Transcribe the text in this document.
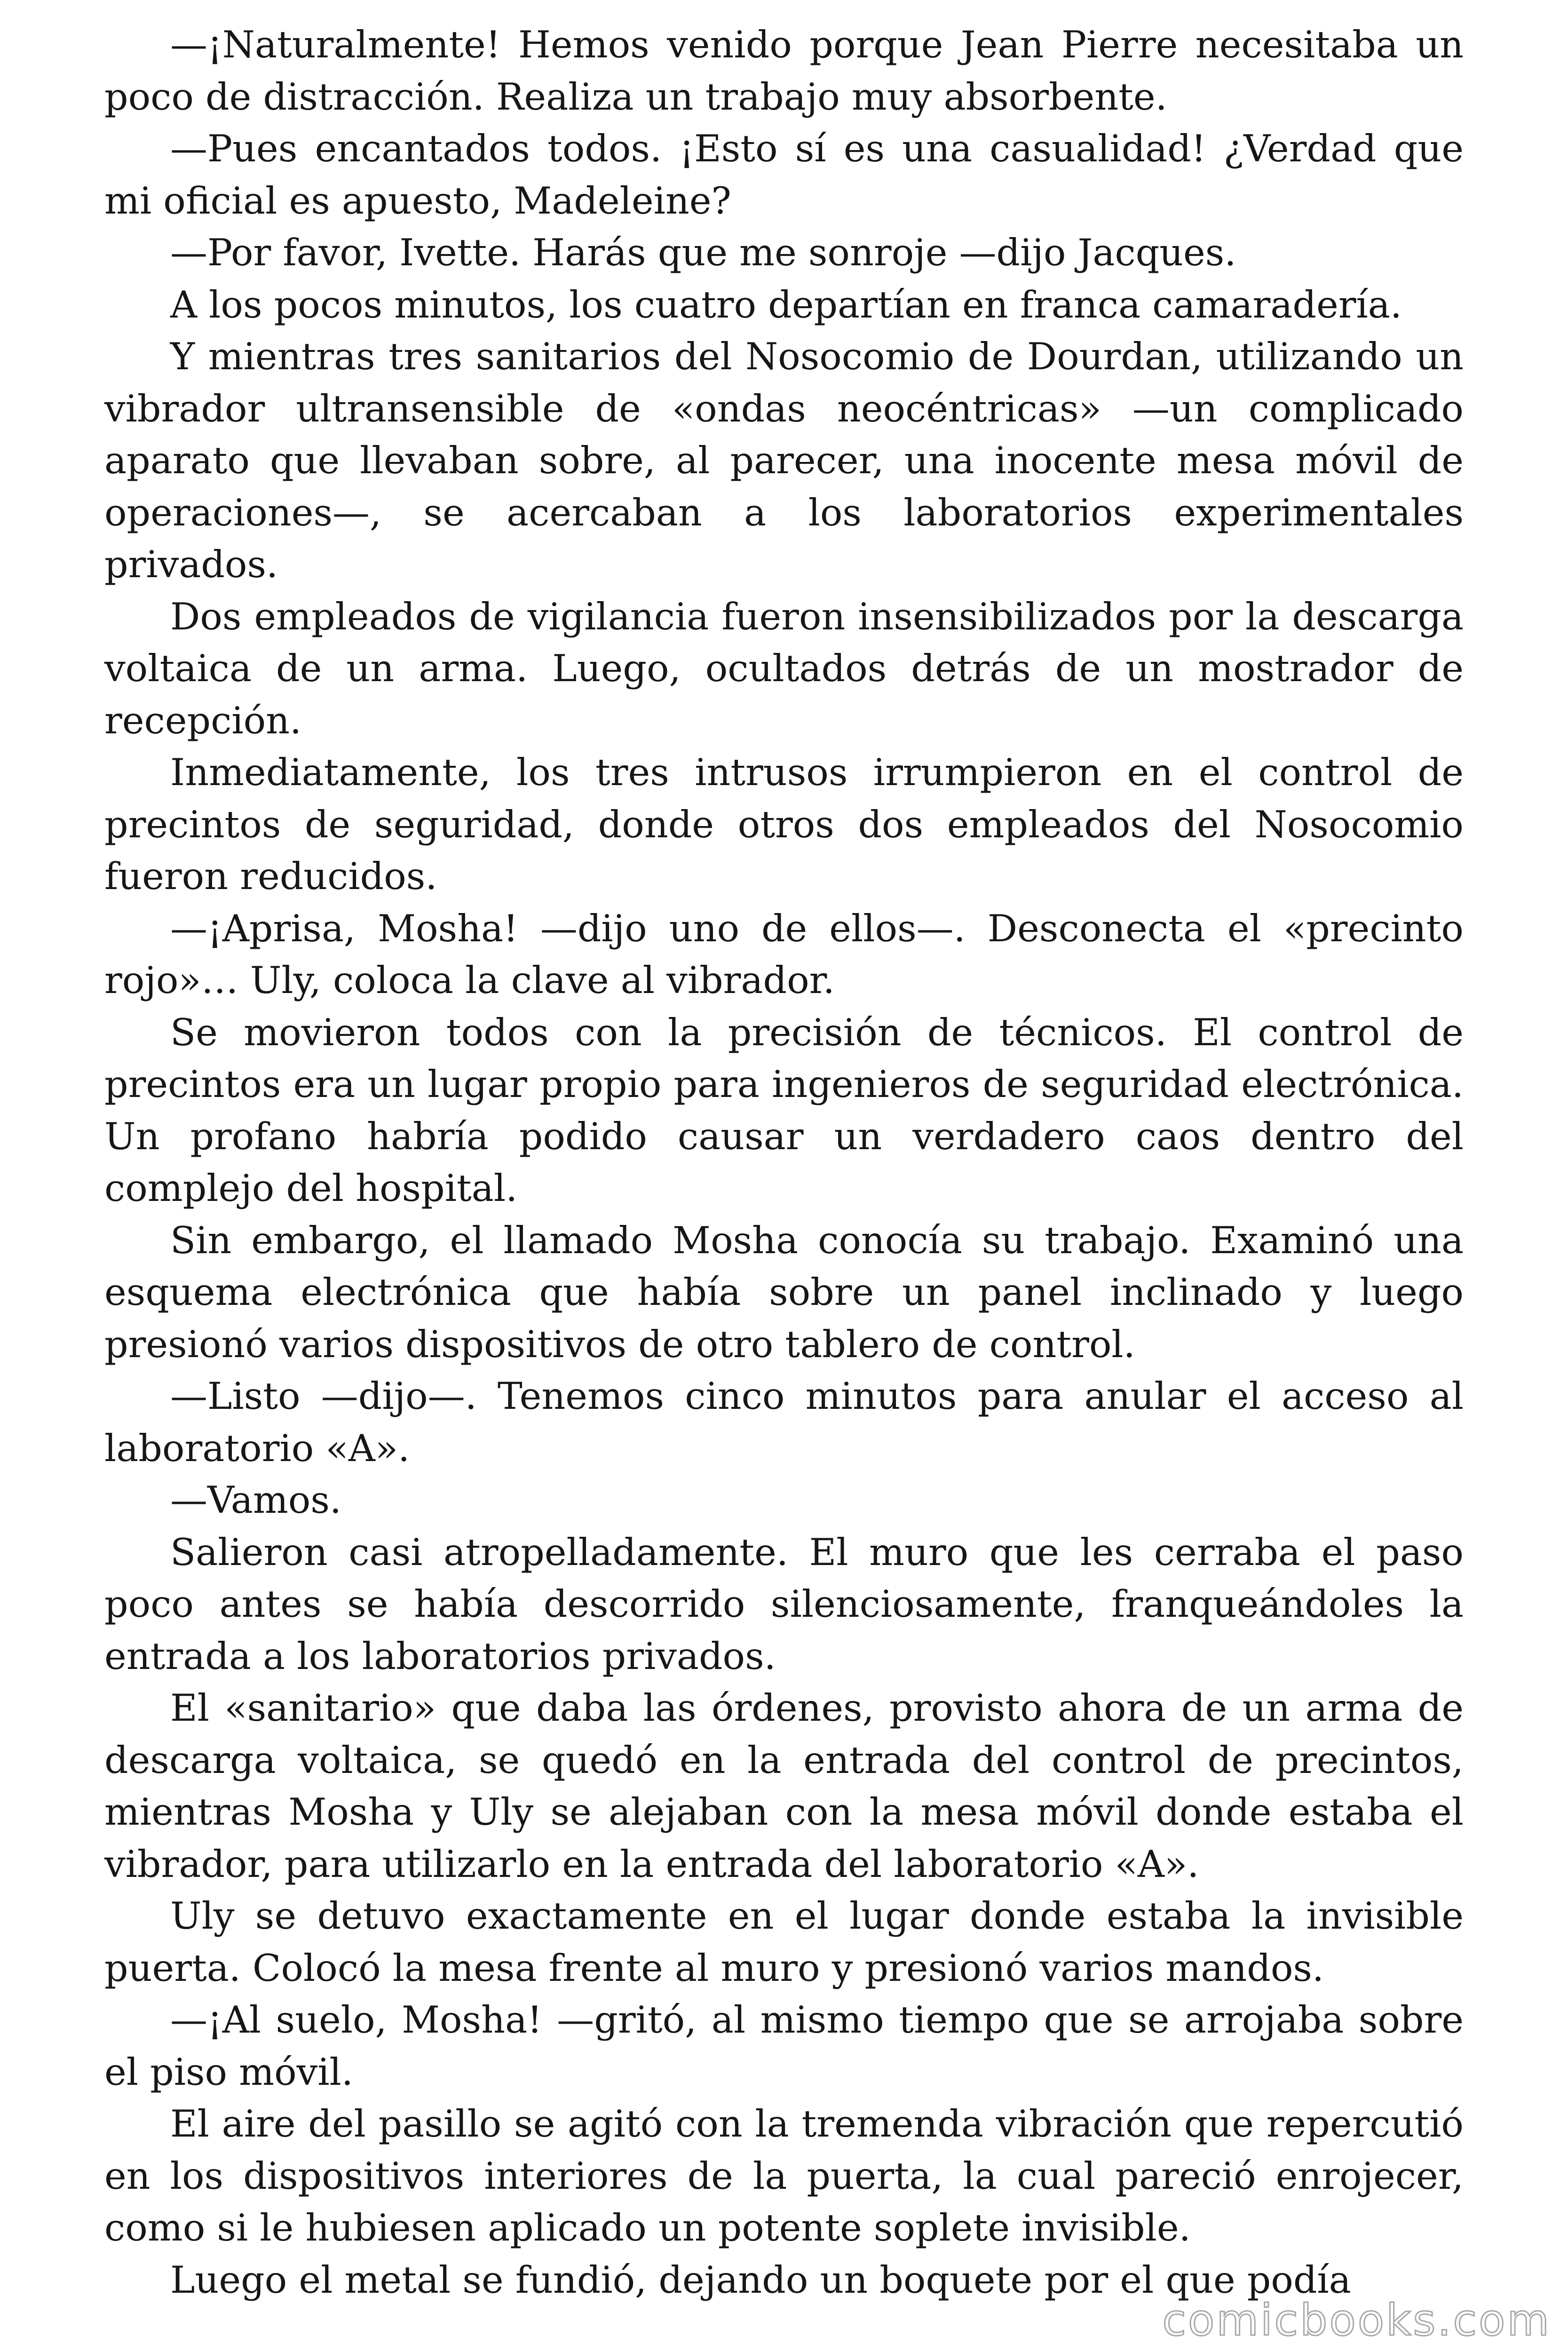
—¡Naturalmente! Hemos venido porque Jean Pierre necesitaba un poco de distracción. Realiza un trabajo muy absorbente.

—Pues encantados todos. ¡Esto sí es una casualidad! ¿Verdad que mi oficial es apuesto, Madeleine?

—Por favor, Ivette. Harás que me sonroje —dijo Jacques.

A los pocos minutos, los cuatro departían en franca camaradería.

Y mientras tres sanitarios del Nosocomio de Dourdan, utilizando un vibrador ultransensible de «ondas neocéntricas» —un complicado aparato que llevaban sobre, al parecer, una inocente mesa móvil de operaciones—, se acercaban a los laboratorios experimentales privados.

Dos empleados de vigilancia fueron insensibilizados por la descarga voltaica de un arma. Luego, ocultados detrás de un mostrador de recepción.

Inmediatamente, los tres intrusos irrumpieron en el control de precintos de seguridad, donde otros dos empleados del Nosocomio fueron reducidos.

—¡Aprisa, Mosha! —dijo uno de ellos—. Desconecta el «precinto rojo»… Uly, coloca la clave al vibrador.

Se movieron todos con la precisión de técnicos. El control de precintos era un lugar propio para ingenieros de seguridad electrónica. Un profano habría podido causar un verdadero caos dentro del complejo del hospital.

Sin embargo, el llamado Mosha conocía su trabajo. Examinó una esquema electrónica que había sobre un panel inclinado y luego presionó varios dispositivos de otro tablero de control.

—Listo —dijo—. Tenemos cinco minutos para anular el acceso al laboratorio «A».

—Vamos.

Salieron casi atropelladamente. El muro que les cerraba el paso poco antes se había descorrido silenciosamente, franqueándoles la entrada a los laboratorios privados.

El «sanitario» que daba las órdenes, provisto ahora de un arma de descarga voltaica, se quedó en la entrada del control de precintos, mientras Mosha y Uly se alejaban con la mesa móvil donde estaba el vibrador, para utilizarlo en la entrada del laboratorio «A».

Uly se detuvo exactamente en el lugar donde estaba la invisible puerta. Colocó la mesa frente al muro y presionó varios mandos.

—¡Al suelo, Mosha! —gritó, al mismo tiempo que se arrojaba sobre el piso móvil.

El aire del pasillo se agitó con la tremenda vibración que repercutió en los dispositivos interiores de la puerta, la cual pareció enrojecer, como si le hubiesen aplicado un potente soplete invisible.

Luego el metal se fundió, dejando un boquete por el que podía

comicbooks.com
